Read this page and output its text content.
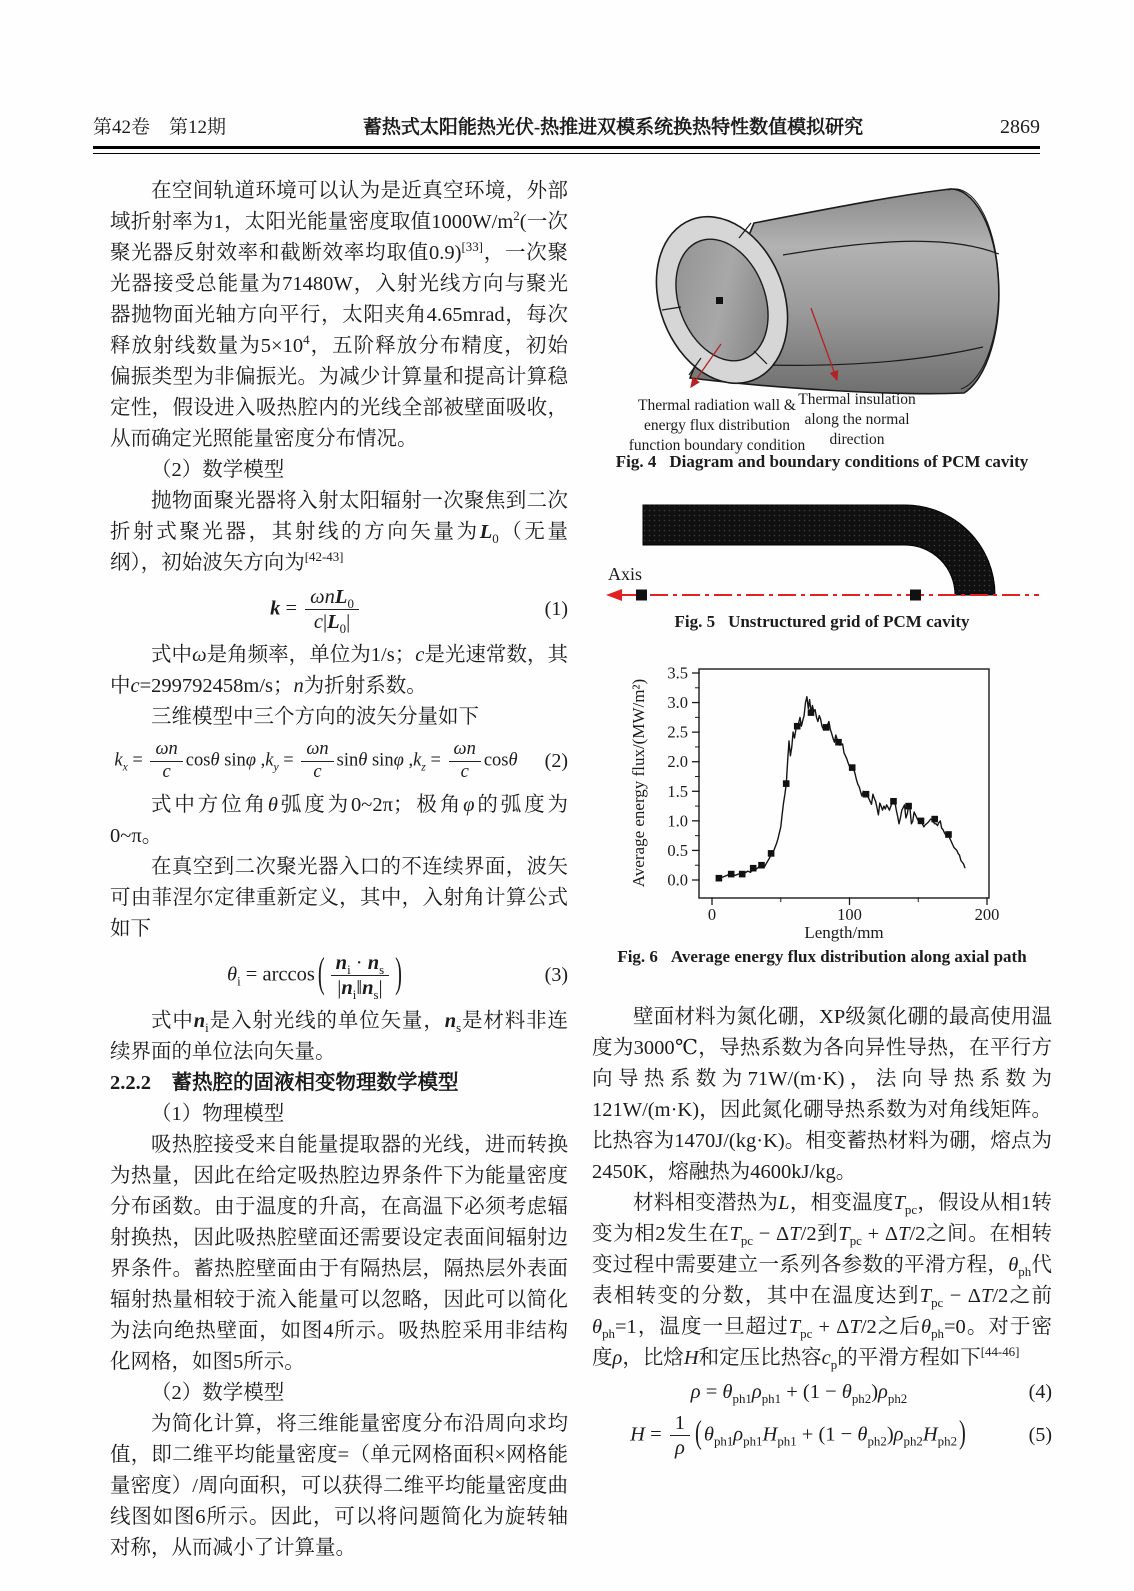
第42卷　第12期	蓄热式太阳能热光伏-热推进双模系统换热特性数值模拟研究	2869

在空间轨道环境可以认为是近真空环境，外部域折射率为1，太阳光能量密度取值$1000W/m^2$(一次聚光器反射效率和截断效率均取值0.9)[33]，一次聚光器接受总能量为71480W，入射光线方向与聚光器抛物面光轴方向平行，太阳夹角4.65mrad，每次释放射线数量为$5\times 10^4$，五阶释放分布精度，初始偏振类型为非偏振光。为减少计算量和提高计算稳定性，假设进入吸热腔内的光线全部被壁面吸收，从而确定光照能量密度分布情况。

（2）数学模型

抛物面聚光器将入射太阳辐射一次聚焦到二次折射式聚光器，其射线的方向矢量为$L_0$（无量纲），初始波矢方向为[42-43]

$k = \frac{\omega nL_0}{c|L_0|}$	(1)

式中ω是角频率，单位为1/s；c是光速常数，其中c=299792458m/s；n为折射系数。

三维模型中三个方向的波矢分量如下

$k_x = \frac{\omega n}{c}$ cosθ sinφ $,k_y = \frac{\omega n}{c}$ sinθ sinφ $,k_z = \frac{\omega n}{c}$ cosθ	(2)

式中方位角θ弧度为0~2π；极角φ的弧度为0~π。

在真空到二次聚光器入口的不连续界面，波矢可由菲涅尔定律重新定义，其中，入射角计算公式如下

$\theta_i = \arccos$ ( $\frac{n_i \cdot n_s}{|n_i‖n_s|}$ )	(3)

式中$n_i$是入射光线的单位矢量，$n_s$是材料非连续界面的单位法向矢量。

2.2.2　蓄热腔的固液相变物理数学模型

（1）物理模型

吸热腔接受来自能量提取器的光线，进而转换为热量，因此在给定吸热腔边界条件下为能量密度分布函数。由于温度的升高，在高温下必须考虑辐射换热，因此吸热腔壁面还需要设定表面间辐射边界条件。蓄热腔壁面由于有隔热层，隔热层外表面辐射热量相较于流入能量可以忽略，因此可以简化为法向绝热壁面，如图4所示。吸热腔采用非结构化网格，如图5所示。

（2）数学模型

为简化计算，将三维能量密度分布沿周向求均值，即二维平均能量密度=（单元网格面积×网格能量密度）/周向面积，可以获得二维平均能量密度曲线图如图6所示。因此，可以将问题简化为旋转轴对称，从而减小了计算量。

Thermal radiation wall &
energy flux distribution
function boundary condition
Thermal insulation
along the normal
direction
Fig. 4 Diagram and boundary conditions of PCM cavity
Axis
Fig. 5 Unstructured grid of PCM cavity
0.0
0.5
1.0
1.5
2.0
2.5
3.0
3.5
0	100	200
Average energy flux/(MW/m²)
Length/mm
Fig. 6 Average energy flux distribution along axial path

壁面材料为氮化硼，XP级氮化硼的最高使用温度为3000℃，导热系数为各向异性导热，在平行方向导热系数为71W/(m·K)，法向导热系数为121W/(m·K)，因此氮化硼导热系数为对角线矩阵。比热容为1470J/(kg·K)。相变蓄热材料为硼，熔点为2450K，熔融热为4600kJ/kg。

材料相变潜热为L，相变温度$T_{pc}$，假设从相1转变为相2发生在$T_{pc} - \Delta T/2$到$T_{pc} + \Delta T/2$之间。在相转变过程中需要建立一系列各参数的平滑方程，$\theta_{ph}$代表相转变的分数，其中在温度达到$T_{pc} - \Delta T/2$之前$\theta_{ph}=1$，温度一旦超过$T_{pc} + \Delta T/2$之后$\theta_{ph}=0$。对于密度ρ，比焓H和定压比热容$c_p$的平滑方程如下[44-46]

$\rho = \theta_{ph1}\rho_{ph1} + (1 - \theta_{ph2})\rho_{ph2}$	(4)
$H = \frac{1}{\rho} (\theta_{ph1}\rho_{ph1}H_{ph1} + (1 - \theta_{ph2})\rho_{ph2}H_{ph2})$	(5)
